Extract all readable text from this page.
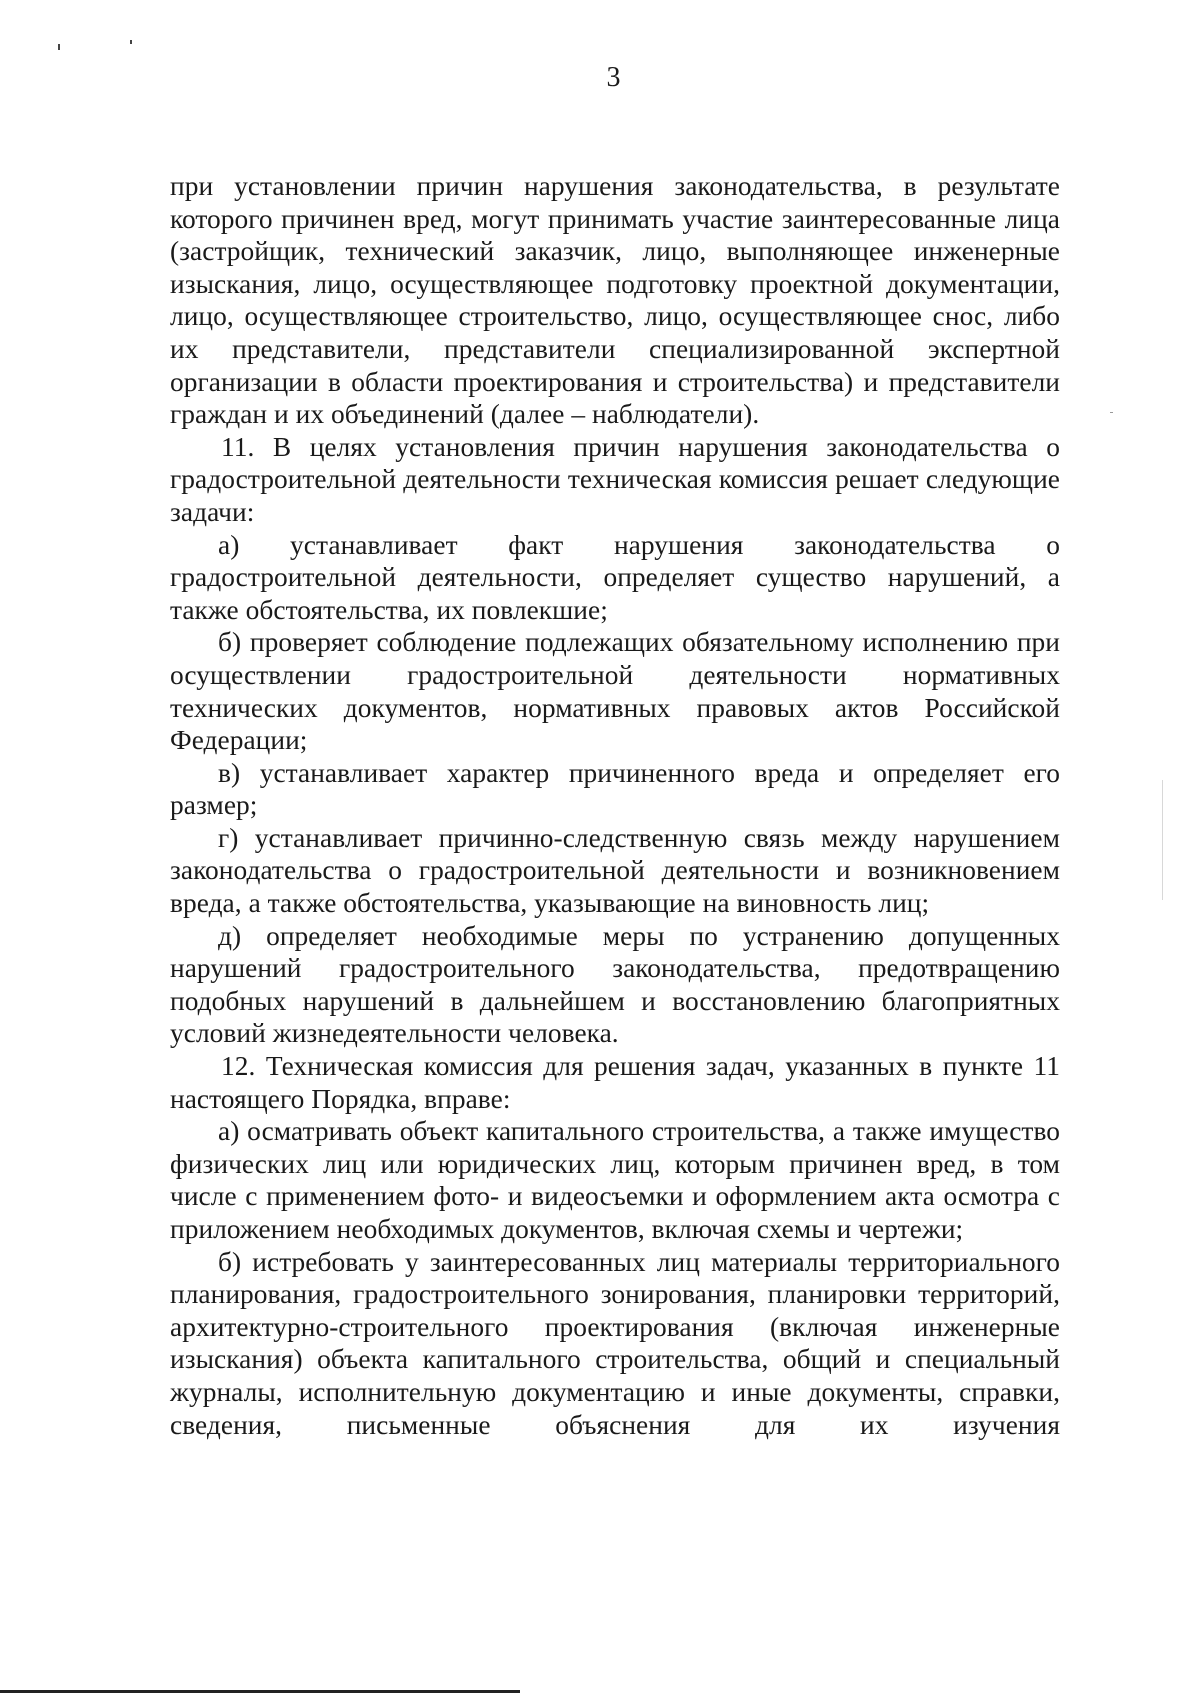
3

при установлении причин нарушения законодательства, в результате которого причинен вред, могут принимать участие заинтересованные лица (застройщик, технический заказчик, лицо, выполняющее инженерные изыскания, лицо, осуществляющее подготовку проектной документации, лицо, осуществляющее строительство, лицо, осуществляющее снос, либо их представители, представители специализированной экспертной организации в области проектирования и строительства) и представители граждан и их объединений (далее – наблюдатели).

11. В целях установления причин нарушения законодательства о градостроительной деятельности техническая комиссия решает следующие задачи:

а) устанавливает факт нарушения законодательства о градостроительной деятельности, определяет существо нарушений, а также обстоятельства, их повлекшие;

б) проверяет соблюдение подлежащих обязательному исполнению при осуществлении градостроительной деятельности нормативных технических документов, нормативных правовых актов Российской Федерации;

в) устанавливает характер причиненного вреда и определяет его размер;

г) устанавливает причинно-следственную связь между нарушением законодательства о градостроительной деятельности и возникновением вреда, а также обстоятельства, указывающие на виновность лиц;

д) определяет необходимые меры по устранению допущенных нарушений градостроительного законодательства, предотвращению подобных нарушений в дальнейшем и восстановлению благоприятных условий жизнедеятельности человека.

12. Техническая комиссия для решения задач, указанных в пункте 11 настоящего Порядка, вправе:

а) осматривать объект капитального строительства, а также имущество физических лиц или юридических лиц, которым причинен вред, в том числе с применением фото- и видеосъемки и оформлением акта осмотра с приложением необходимых документов, включая схемы и чертежи;

б) истребовать у заинтересованных лиц материалы территориального планирования, градостроительного зонирования, планировки территорий, архитектурно-строительного проектирования (включая инженерные изыскания) объекта капитального строительства, общий и специальный журналы, исполнительную документацию и иные документы, справки, сведения, письменные объяснения для их изучения
